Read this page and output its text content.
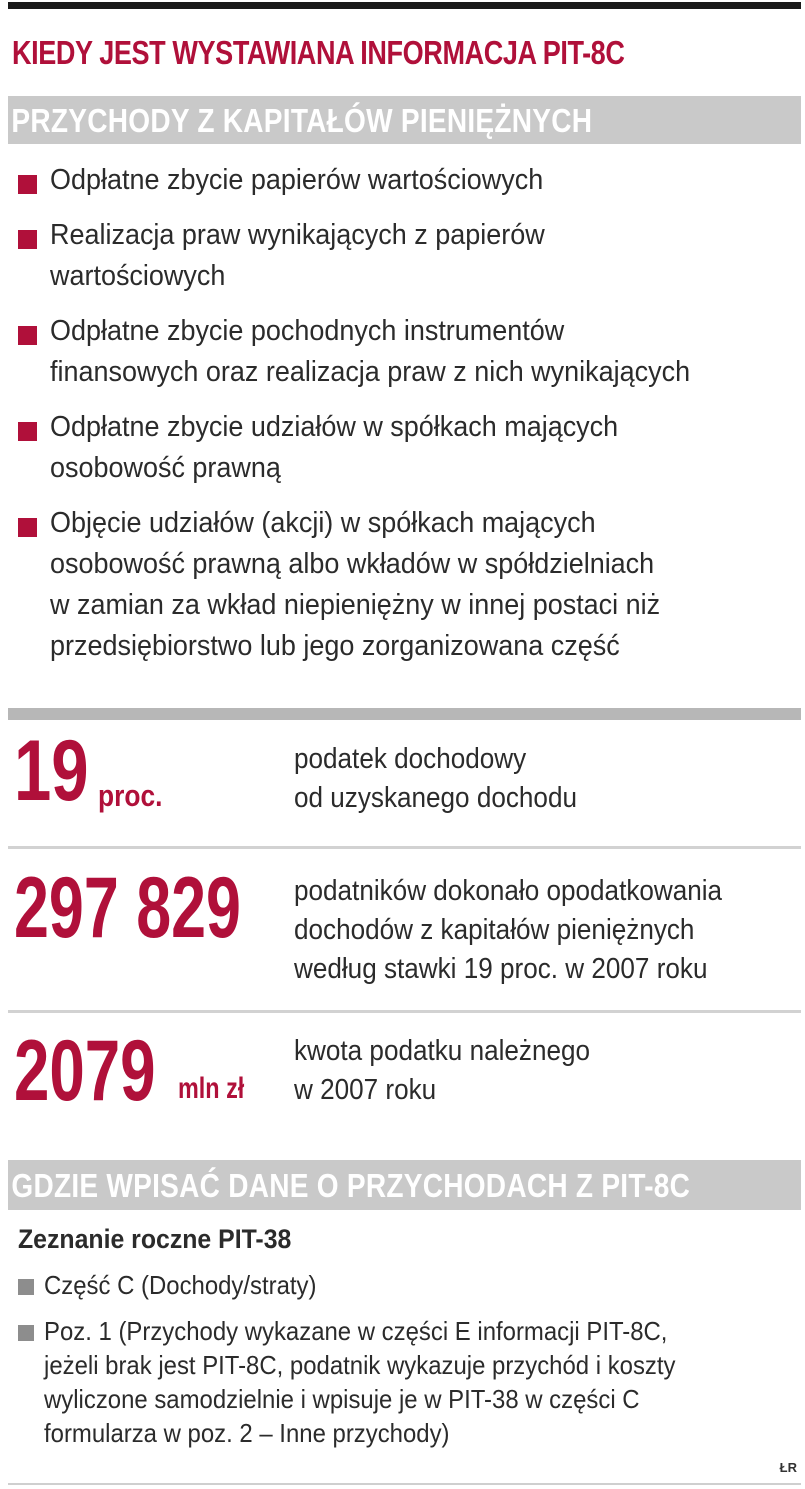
KIEDY JEST WYSTAWIANA INFORMACJA PIT-8C
PRZYCHODY Z KAPITAŁÓW PIENIĘŻNYCH
Odpłatne zbycie papierów wartościowych
Realizacja praw wynikających z papierów
wartościowych
Odpłatne zbycie pochodnych instrumentów
finansowych oraz realizacja praw z nich wynikających
Odpłatne zbycie udziałów w spółkach mających
osobowość prawną
Objęcie udziałów (akcji) w spółkach mających
osobowość prawną albo wkładów w spółdzielniach
w zamian za wkład niepieniężny w innej postaci niż
przedsiębiorstwo lub jego zorganizowana część
19 proc.
podatek dochodowy
od uzyskanego dochodu
297 829 podatników dokonało opodatkowania
dochodów z kapitałów pieniężnych
według stawki 19 proc. w 2007 roku
2079 mln zł
kwota podatku należnego
w 2007 roku
GDZIE WPISAĆ DANE O PRZYCHODACH Z PIT-8C
Zeznanie roczne PIT-38
Część C (Dochody/straty)
Poz. 1 (Przychody wykazane w części E informacji PIT-8C,
jeżeli brak jest PIT-8C, podatnik wykazuje przychód i koszty
wyliczone samodzielnie i wpisuje je w PIT-38 w części C
formularza w poz. 2 – Inne przychody)
ŁR
